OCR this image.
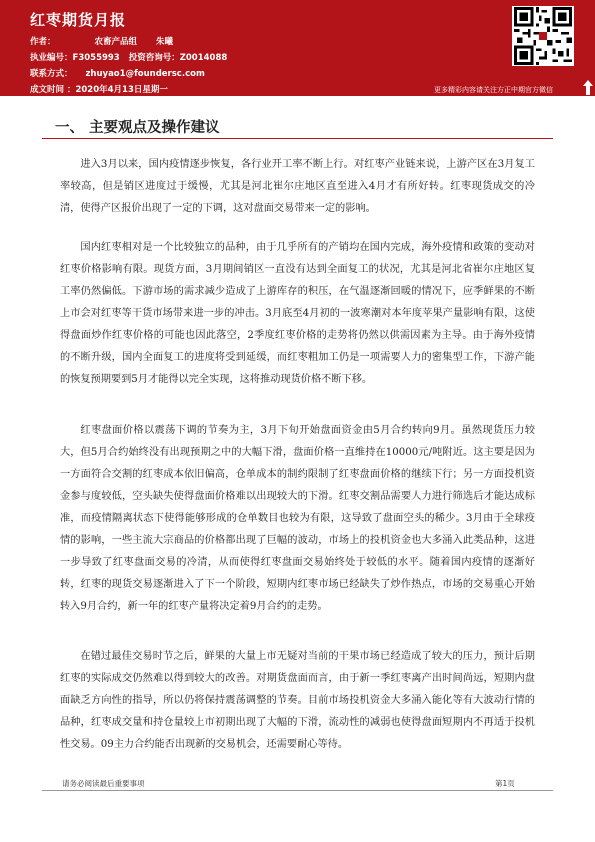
红枣期货月报
作者：	农畜产品组 朱曦
执业编号：F3055993 投资咨询号：Z0014088
联系方式： zhuyao1@foundersc.com
成文时间 ：2020年4月13日星期一	更多精彩内容请关注方正中期官方微信
一、 主要观点及操作建议
进入3月以来，国内疫情逐步恢复，各行业开工率不断上行。对红枣产业链来说，上游产区在3月复工率较高，但是销区进度过于缓慢，尤其是河北崔尔庄地区直至进入4月才有所好转。红枣现货成交的冷清，使得产区报价出现了一定的下调，这对盘面交易带来一定的影响。
国内红枣相对是一个比较独立的品种，由于几乎所有的产销均在国内完成，海外疫情和政策的变动对红枣价格影响有限。现货方面，3月期间销区一直没有达到全面复工的状况，尤其是河北省崔尔庄地区复工率仍然偏低。下游市场的需求减少造成了上游库存的积压，在气温逐渐回暖的情况下，应季鲜果的不断上市会对红枣等干货市场带来进一步的冲击。3月底至4月初的一波寒潮对本年度苹果产量影响有限，这使得盘面炒作红枣价格的可能也因此落空，2季度红枣价格的走势将仍然以供需因素为主导。由于海外疫情的不断升级，国内全面复工的进度将受到延缓，而红枣粗加工仍是一项需要人力的密集型工作，下游产能的恢复预期要到5月才能得以完全实现，这将推动现货价格不断下移。
红枣盘面价格以震荡下调的节奏为主，3月下旬开始盘面资金由5月合约转向9月。虽然现货压力较大，但5月合约始终没有出现预期之中的大幅下滑，盘面价格一直维持在10000元/吨附近。这主要是因为一方面符合交割的红枣成本依旧偏高，仓单成本的制约限制了红枣盘面价格的继续下行；另一方面投机资金参与度较低，空头缺失使得盘面价格难以出现较大的下滑。红枣交割品需要人力进行筛选后才能达成标准，而疫情隔离状态下使得能够形成的仓单数目也较为有限，这导致了盘面空头的稀少。3月由于全球疫情的影响，一些主流大宗商品的价格都出现了巨幅的波动，市场上的投机资金也大多涌入此类品种，这进一步导致了红枣盘面交易的冷清，从而使得红枣盘面交易始终处于较低的水平。随着国内疫情的逐渐好转，红枣的现货交易逐渐进入了下一个阶段，短期内红枣市场已经缺失了炒作热点，市场的交易重心开始转入9月合约，新一年的红枣产量将决定着9月合约的走势。
在错过最佳交易时节之后，鲜果的大量上市无疑对当前的干果市场已经造成了较大的压力，预计后期红枣的实际成交仍然难以得到较大的改善。对期货盘面而言，由于新一季红枣离产出时间尚远，短期内盘面缺乏方向性的指导，所以仍将保持震荡调整的节奏。目前市场投机资金大多涌入能化等有大波动行情的品种，红枣成交量和持仓量较上市初期出现了大幅的下滑，流动性的减弱也使得盘面短期内不再适于投机性交易。09主力合约能否出现新的交易机会，还需要耐心等待。
请务必阅读最后重要事项	第1页
